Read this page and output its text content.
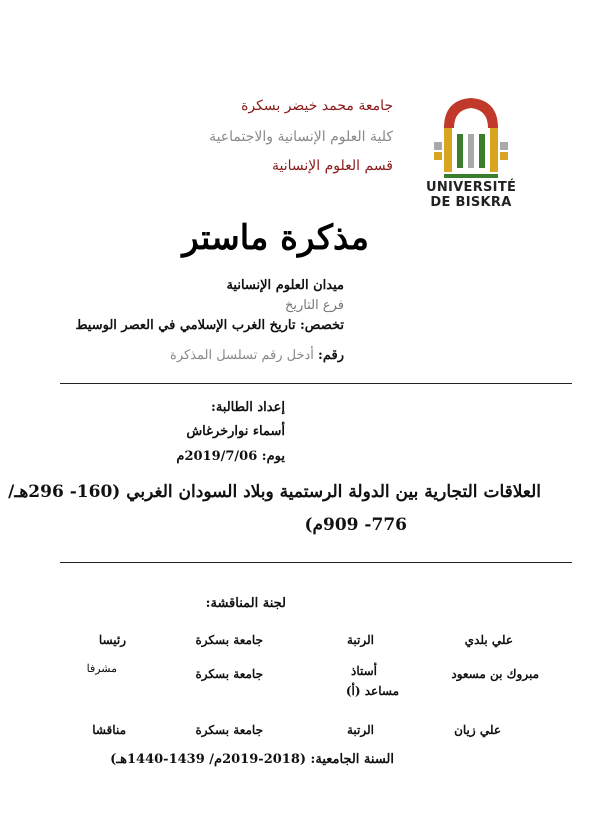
جامعة محمد خيضر بسكرة
كلية العلوم الإنسانية والاجتماعية
قسم العلوم الإنسانية
UNIVERSITÉ
DE BISKRA
مذكرة ماستر
ميدان العلوم الإنسانية
فرع التاريخ
تخصص: تاريخ الغرب الإسلامي في العصر الوسيط
رقم: أدخل رقم تسلسل المذكرة
إعداد الطالبة:
أسماء نوارخرغاش
يوم: 2019/7/06م
العلاقات التجارية بين الدولة الرستمية وبلاد السودان الغربي (160- 296هـ/
776- 909م)
لجنة المناقشة:
علي بلدي
الرتبة
جامعة بسكرة
رئيسا
مبروك بن مسعود
أستاذ
مساعد (أ)
جامعة بسكرة
مشرفا
علي زيان
الرتبة
جامعة بسكرة
مناقشا
السنة الجامعية: (2018-2019م/ 1439-1440هـ)
